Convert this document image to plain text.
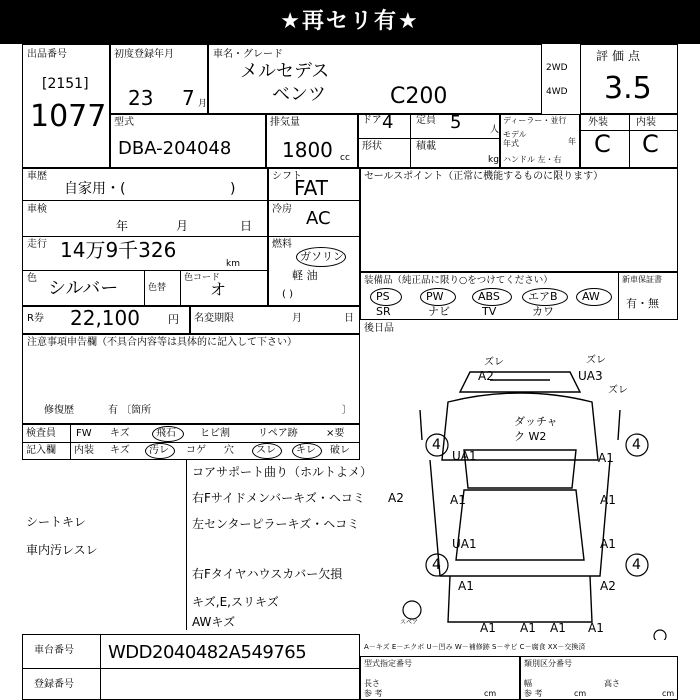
★再セリ有★
出品番号
[2151]
1077
初度登録年月
23 7 月
車名・グレード
メルセデス
ベンツ	C200
2WD
4WD
評価点
3.5
型式
DBA-204048
排気量
1800 cc
ドア 4 定員 5	人
形状	積載
kg
ディーラー・並行
モデル
年式	年
ハンドル 左・右
外装	内装
C C
車歴
自家用・(	)
車検
年	月	日
走行 14万9千326
km
色 シルバー	色替
色コード
オ
シフト
FAT
冷房 AC
燃料
ガソリン
軽 油
( )
セールスポイント（正常に機能するものに限ります）
装備品（純正品に限り○をつけてください）	新車保証書
有・無
PS	PW	ABS	エアB AW
SR	ナビ	TV	カワ
R券 22,100	円 名変期限	月	日
注意事項申告欄（不具合内容等は具体的に記入して下さい）
修復歴	有 〔箇所	〕
後日品
検査員
記入欄
FW キズ	飛石 ヒビ割	リペア跡	×要
内装 キズ 汚レ コゲ 穴 スレ キレ 破レ
コアサポート曲り（ホルトよメ）
右Fサイドメンバーキズ・ヘコミ
左センターピラーキズ・ヘコミ
右Fタイヤハウスカバー欠損
キズ,E,スリキズ
AWキズ
シートキレ
車内汚レスレ
車台番号 WDD2040482A549765
登録番号
A2	UA3
ダッチャク W2
4	4
UA1	A1
A2	A1
UA1
A1
A1
4	4
A1	A2
A1 A1 A1 A1
ズレ	ズレ
ズレ
スペア
A－キズ E－エクボ U－凹み W－補修跡 S－サビ C－腐食 XX－交換済
型式指定番号
長さ
参 考	cm
類別区分番号
幅
参 考	cm
高さ
cm
